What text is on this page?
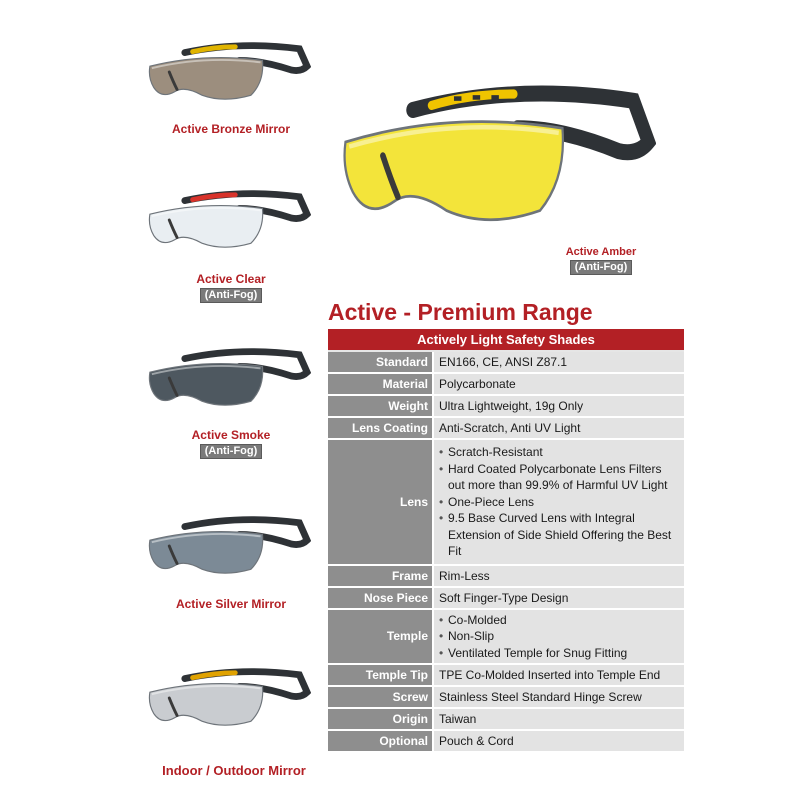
Active Bronze Mirror
Active Clear
(Anti-Fog)
Active Smoke
(Anti-Fog)
Active Silver Mirror
Indoor / Outdoor Mirror
Active Amber
(Anti-Fog)
Active - Premium Range
Actively Light Safety Shades
Standard EN166, CE, ANSI Z87.1
Material Polycarbonate
Weight Ultra Lightweight, 19g Only
Lens Coating Anti-Scratch, Anti UV Light
Lens
• Scratch-Resistant
• Hard Coated Polycarbonate Lens Filters out more than 99.9% of Harmful UV Light
• One-Piece Lens
• 9.5 Base Curved Lens with Integral Extension of Side Shield Offering the Best Fit
Frame Rim-Less
Nose Piece Soft Finger-Type Design
Temple
• Co-Molded
• Non-Slip
• Ventilated Temple for Snug Fitting
Temple Tip TPE Co-Molded Inserted into Temple End
Screw Stainless Steel Standard Hinge Screw
Origin Taiwan
Optional Pouch & Cord
